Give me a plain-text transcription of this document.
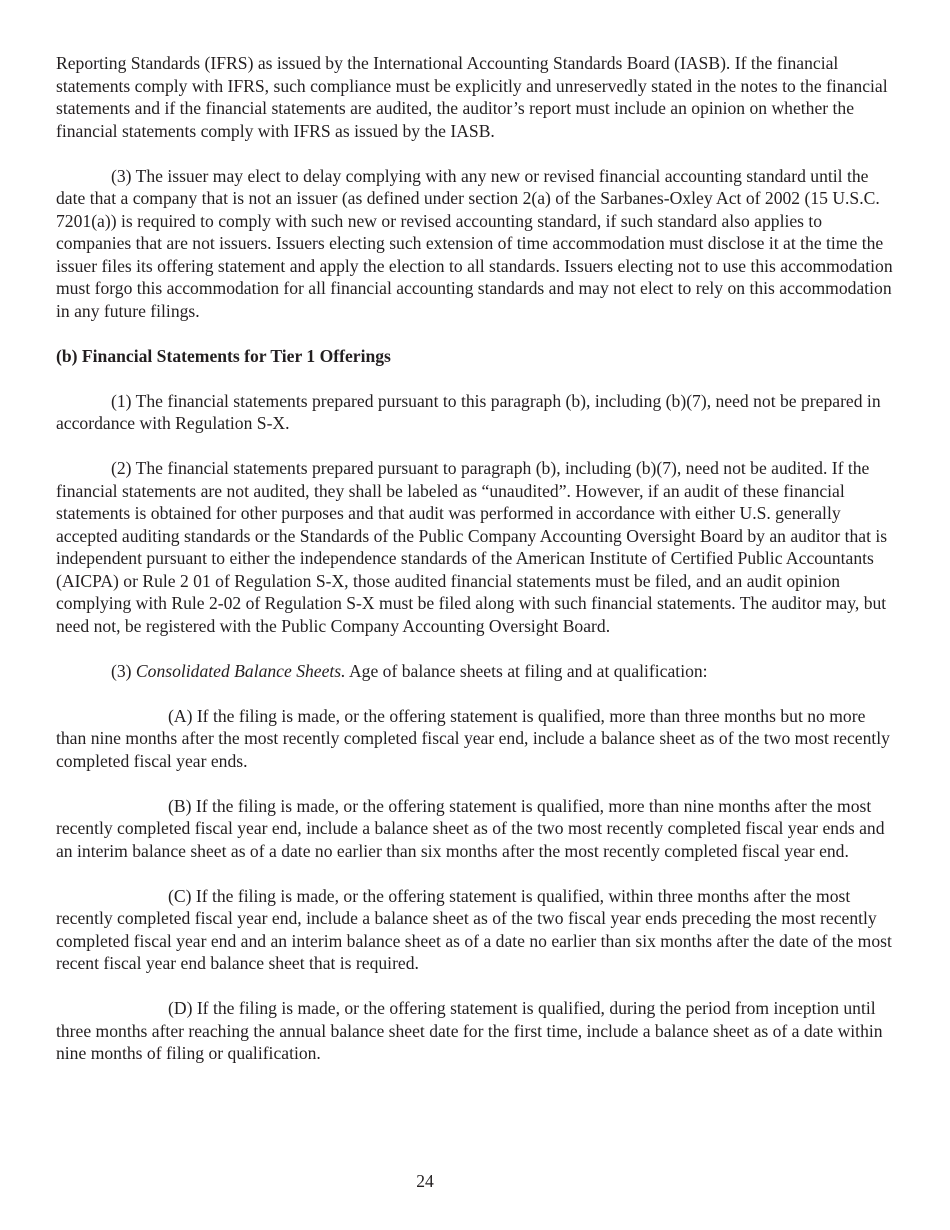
Reporting Standards (IFRS) as issued by the International Accounting Standards Board (IASB). If the financial statements comply with IFRS, such compliance must be explicitly and unreservedly stated in the notes to the financial statements and if the financial statements are audited, the auditor’s report must include an opinion on whether the financial statements comply with IFRS as issued by the IASB.

(3) The issuer may elect to delay complying with any new or revised financial accounting standard until the date that a company that is not an issuer (as defined under section 2(a) of the Sarbanes-Oxley Act of 2002 (15 U.S.C. 7201(a)) is required to comply with such new or revised accounting standard, if such standard also applies to companies that are not issuers. Issuers electing such extension of time accommodation must disclose it at the time the issuer files its offering statement and apply the election to all standards. Issuers electing not to use this accommodation must forgo this accommodation for all financial accounting standards and may not elect to rely on this accommodation in any future filings.

(b) Financial Statements for Tier 1 Offerings

(1) The financial statements prepared pursuant to this paragraph (b), including (b)(7), need not be prepared in accordance with Regulation S-X.

(2) The financial statements prepared pursuant to paragraph (b), including (b)(7), need not be audited. If the financial statements are not audited, they shall be labeled as “unaudited”. However, if an audit of these financial statements is obtained for other purposes and that audit was performed in accordance with either U.S. generally accepted auditing standards or the Standards of the Public Company Accounting Oversight Board by an auditor that is independent pursuant to either the independence standards of the American Institute of Certified Public Accountants (AICPA) or Rule 2 01 of Regulation S-X, those audited financial statements must be filed, and an audit opinion complying with Rule 2-02 of Regulation S-X must be filed along with such financial statements. The auditor may, but need not, be registered with the Public Company Accounting Oversight Board.

(3) Consolidated Balance Sheets. Age of balance sheets at filing and at qualification:

(A) If the filing is made, or the offering statement is qualified, more than three months but no more than nine months after the most recently completed fiscal year end, include a balance sheet as of the two most recently completed fiscal year ends.

(B) If the filing is made, or the offering statement is qualified, more than nine months after the most recently completed fiscal year end, include a balance sheet as of the two most recently completed fiscal year ends and an interim balance sheet as of a date no earlier than six months after the most recently completed fiscal year end.

(C) If the filing is made, or the offering statement is qualified, within three months after the most recently completed fiscal year end, include a balance sheet as of the two fiscal year ends preceding the most recently completed fiscal year end and an interim balance sheet as of a date no earlier than six months after the date of the most recent fiscal year end balance sheet that is required.

(D) If the filing is made, or the offering statement is qualified, during the period from inception until three months after reaching the annual balance sheet date for the first time, include a balance sheet as of a date within nine months of filing or qualification.

24
